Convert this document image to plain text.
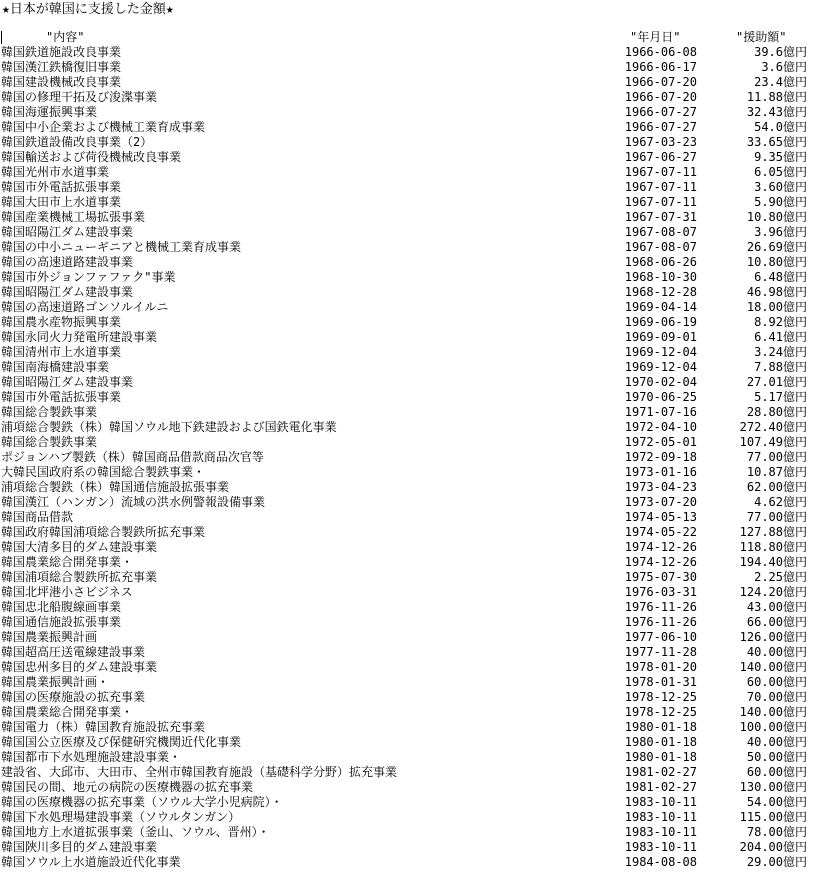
★日本が韓国に支援した金額★
"内容"	"年月日"	"援助額"
韓国鉄道施設改良事業	1966-06-08	39.6億円
韓国漢江鉄橋復旧事業	1966-06-17	3.6億円
韓国建設機械改良事業	1966-07-20	23.4億円
韓国の修理干拓及び浚渫事業	1966-07-20	11.88億円
韓国海運振興事業	1966-07-27	32.43億円
韓国中小企業および機械工業育成事業	1966-07-27	54.0億円
韓国鉄道設備改良事業（2）	1967-03-23	33.65億円
韓国輸送および荷役機械改良事業	1967-06-27	9.35億円
韓国光州市水道事業	1967-07-11	6.05億円
韓国市外電話拡張事業	1967-07-11	3.60億円
韓国大田市上水道事業	1967-07-11	5.90億円
韓国産業機械工場拡張事業	1967-07-31	10.80億円
韓国昭陽江ダム建設事業	1967-08-07	3.96億円
韓国の中小ニューギニアと機械工業育成事業	1967-08-07	26.69億円
韓国の高速道路建設事業	1968-06-26	10.80億円
韓国市外ジョンファファク"事業	1968-10-30	6.48億円
韓国昭陽江ダム建設事業	1968-12-28	46.98億円
韓国の高速道路ゴンソルイルニ	1969-04-14	18.00億円
韓国農水産物振興事業	1969-06-19	8.92億円
韓国永同火力発電所建設事業	1969-09-01	6.41億円
韓国清州市上水道事業	1969-12-04	3.24億円
韓国南海橋建設事業	1969-12-04	7.88億円
韓国昭陽江ダム建設事業	1970-02-04	27.01億円
韓国市外電話拡張事業	1970-06-25	5.17億円
韓国総合製鉄事業	1971-07-16	28.80億円
浦項総合製鉄（株）韓国ソウル地下鉄建設および国鉄電化事業	1972-04-10	272.40億円
韓国総合製鉄事業	1972-05-01	107.49億円
ポジョンハブ製鉄（株）韓国商品借款商品次官等	1972-09-18	77.00億円
大韓民国政府系の韓国総合製鉄事業・	1973-01-16	10.87億円
浦項総合製鉄（株）韓国通信施設拡張事業	1973-04-23	62.00億円
韓国漢江（ハンガン）流域の洪水例警報設備事業	1973-07-20	4.62億円
韓国商品借款	1974-05-13	77.00億円
韓国政府韓国浦項総合製鉄所拡充事業	1974-05-22	127.88億円
韓国大清多目的ダム建設事業	1974-12-26	118.80億円
韓国農業総合開発事業・	1974-12-26	194.40億円
韓国浦項総合製鉄所拡充事業	1975-07-30	2.25億円
韓国北坪港小さビジネス	1976-03-31	124.20億円
韓国忠北船腹線画事業	1976-11-26	43.00億円
韓国通信施設拡張事業	1976-11-26	66.00億円
韓国農業振興計画	1977-06-10	126.00億円
韓国超高圧送電線建設事業	1977-11-28	40.00億円
韓国忠州多目的ダム建設事業	1978-01-20	140.00億円
韓国農業振興計画・	1978-01-31	60.00億円
韓国の医療施設の拡充事業	1978-12-25	70.00億円
韓国農業総合開発事業・	1978-12-25	140.00億円
韓国電力（株）韓国教育施設拡充事業	1980-01-18	100.00億円
韓国国公立医療及び保健研究機関近代化事業	1980-01-18	40.00億円
韓国都市下水処理施設建設事業・	1980-01-18	50.00億円
建設省、大邱市、大田市、全州市韓国教育施設（基礎科学分野）拡充事業	1981-02-27	60.00億円
韓国民の間、地元の病院の医療機器の拡充事業	1981-02-27	130.00億円
韓国の医療機器の拡充事業（ソウル大学小児病院）・	1983-10-11	54.00億円
韓国下水処理場建設事業（ソウルタンガン）	1983-10-11	115.00億円
韓国地方上水道拡張事業（釜山、ソウル、晋州）・	1983-10-11	78.00億円
韓国陜川多目的ダム建設事業	1983-10-11	204.00億円
韓国ソウル上水道施設近代化事業	1984-08-08	29.00億円
